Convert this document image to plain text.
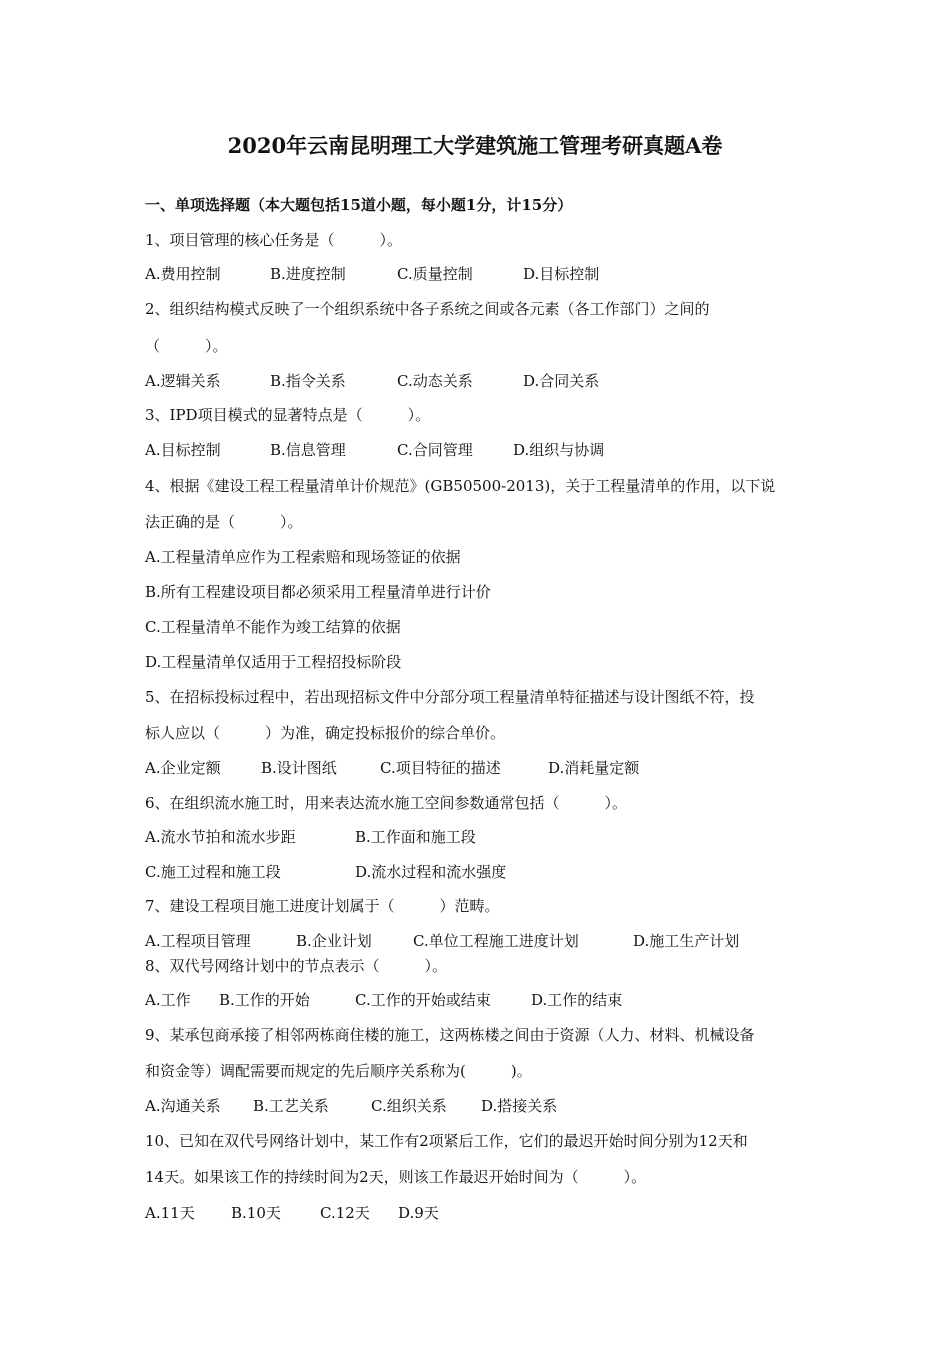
2020年云南昆明理工大学建筑施工管理考研真题A卷
一、单项选择题（本大题包括15道小题，每小题1分，计15分）
1、项目管理的核心任务是（　　　）。
A.费用控制	B.进度控制	C.质量控制	D.目标控制
2、组织结构模式反映了一个组织系统中各子系统之间或各元素（各工作部门）之间的
（　　　）。
A.逻辑关系	B.指令关系	C.动态关系	D.合同关系
3、IPD项目模式的显著特点是（　　　）。
A.目标控制	B.信息管理	C.合同管理	D.组织与协调
4、根据《建设工程工程量清单计价规范》(GB50500-2013)，关于工程量清单的作用，以下说
法正确的是（　　　）。
A.工程量清单应作为工程索赔和现场签证的依据
B.所有工程建设项目都必须采用工程量清单进行计价
C.工程量清单不能作为竣工结算的依据
D.工程量清单仅适用于工程招投标阶段
5、在招标投标过程中，若出现招标文件中分部分项工程量清单特征描述与设计图纸不符，投
标人应以（　　　）为准，确定投标报价的综合单价。
A.企业定额	B.设计图纸	C.项目特征的描述	D.消耗量定额
6、在组织流水施工时，用来表达流水施工空间参数通常包括（　　　）。
A.流水节拍和流水步距	B.工作面和施工段
C.施工过程和施工段	D.流水过程和流水强度
7、建设工程项目施工进度计划属于（　　　）范畴。
A.工程项目管理	B.企业计划	C.单位工程施工进度计划	D.施工生产计划
8、双代号网络计划中的节点表示（　　　）。
A.工作 B.工作的开始	C.工作的开始或结束	D.工作的结束
9、某承包商承接了相邻两栋商住楼的施工，这两栋楼之间由于资源（人力、材料、机械设备
和资金等）调配需要而规定的先后顺序关系称为(　　　)。
A.沟通关系 B.工艺关系	C.组织关系 D.搭接关系
10、已知在双代号网络计划中，某工作有2项紧后工作，它们的最迟开始时间分别为12天和
14天。如果该工作的持续时间为2天，则该工作最迟开始时间为（　　　）。
A.11天 B.10天	C.12天 D.9天
